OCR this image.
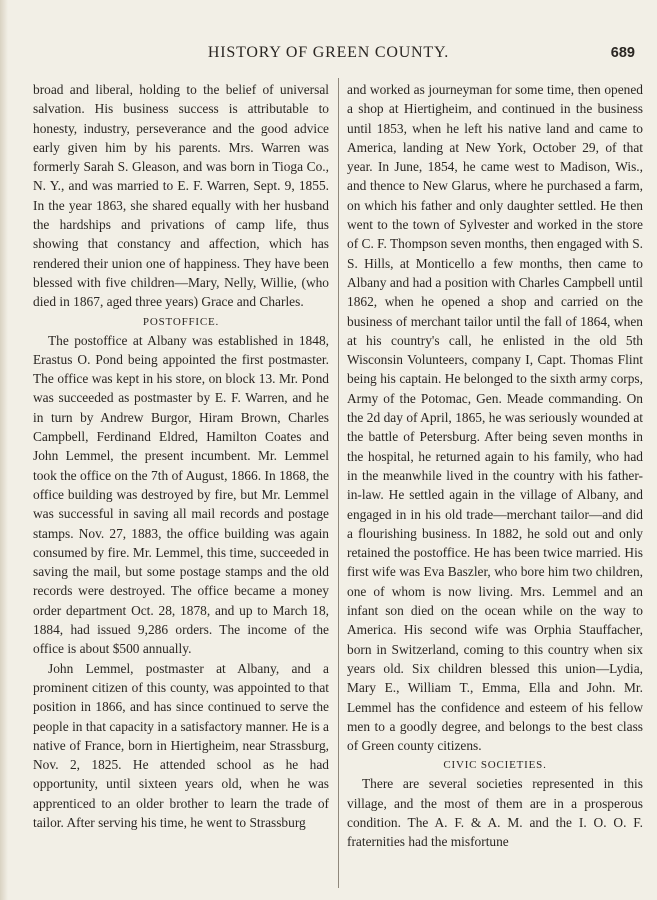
HISTORY OF GREEN COUNTY.	689

broad and liberal, holding to the belief of universal salvation. His business success is attributable to honesty, industry, perseverance and the good advice early given him by his parents. Mrs. Warren was formerly Sarah S. Gleason, and was born in Tioga Co., N. Y., and was married to E. F. Warren, Sept. 9, 1855. In the year 1863, she shared equally with her husband the hardships and privations of camp life, thus showing that constancy and affection, which has rendered their union one of happiness. They have been blessed with five children—Mary, Nelly, Willie, (who died in 1867, aged three years) Grace and Charles.

POSTOFFICE.

The postoffice at Albany was established in 1848, Erastus O. Pond being appointed the first postmaster. The office was kept in his store, on block 13. Mr. Pond was succeeded as postmaster by E. F. Warren, and he in turn by Andrew Burgor, Hiram Brown, Charles Campbell, Ferdinand Eldred, Hamilton Coates and John Lemmel, the present incumbent. Mr. Lemmel took the office on the 7th of August, 1866. In 1868, the office building was destroyed by fire, but Mr. Lemmel was successful in saving all mail records and postage stamps. Nov. 27, 1883, the office building was again consumed by fire. Mr. Lemmel, this time, succeeded in saving the mail, but some postage stamps and the old records were destroyed. The office became a money order department Oct. 28, 1878, and up to March 18, 1884, had issued 9,286 orders. The income of the office is about $500 annually.

John Lemmel, postmaster at Albany, and a prominent citizen of this county, was appointed to that position in 1866, and has since continued to serve the people in that capacity in a satisfactory manner. He is a native of France, born in Hiertigheim, near Strassburg, Nov. 2, 1825. He attended school as he had opportunity, until sixteen years old, when he was apprenticed to an older brother to learn the trade of tailor. After serving his time, he went to Strassburg

and worked as journeyman for some time, then opened a shop at Hiertigheim, and continued in the business until 1853, when he left his native land and came to America, landing at New York, October 29, of that year. In June, 1854, he came west to Madison, Wis., and thence to New Glarus, where he purchased a farm, on which his father and only daughter settled. He then went to the town of Sylvester and worked in the store of C. F. Thompson seven months, then engaged with S. S. Hills, at Monticello a few months, then came to Albany and had a position with Charles Campbell until 1862, when he opened a shop and carried on the business of merchant tailor until the fall of 1864, when at his country's call, he enlisted in the old 5th Wisconsin Volunteers, company I, Capt. Thomas Flint being his captain. He belonged to the sixth army corps, Army of the Potomac, Gen. Meade commanding. On the 2d day of April, 1865, he was seriously wounded at the battle of Petersburg. After being seven months in the hospital, he returned again to his family, who had in the meanwhile lived in the country with his father-in-law. He settled again in the village of Albany, and engaged in in his old trade—merchant tailor—and did a flourishing business. In 1882, he sold out and only retained the postoffice. He has been twice married. His first wife was Eva Baszler, who bore him two children, one of whom is now living. Mrs. Lemmel and an infant son died on the ocean while on the way to America. His second wife was Orphia Stauffacher, born in Switzerland, coming to this country when six years old. Six children blessed this union—Lydia, Mary E., William T., Emma, Ella and John. Mr. Lemmel has the confidence and esteem of his fellow men to a goodly degree, and belongs to the best class of Green county citizens.

CIVIC SOCIETIES.

There are several societies represented in this village, and the most of them are in a prosperous condition. The A. F. & A. M. and the I. O. O. F. fraternities had the misfortune
